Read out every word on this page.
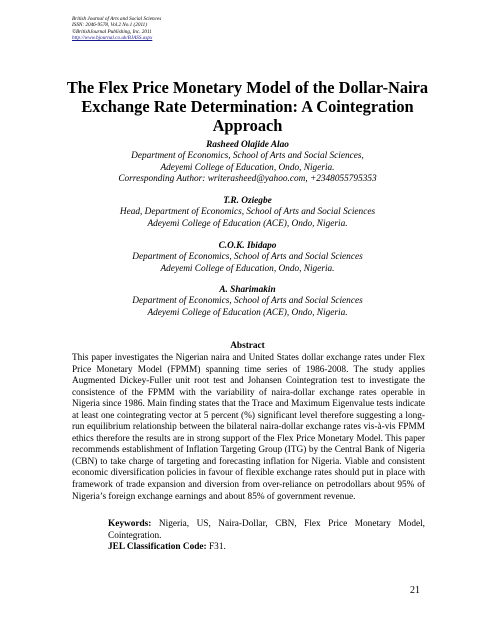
British Journal of Arts and Social Sciences
ISSN: 2046-9578, Vol.2 No.1 (2011)
©BritishJournal Publishing, Inc. 2011
http://www.bjournal.co.uk/BJASS.aspx
The Flex Price Monetary Model of the Dollar-Naira
Exchange Rate Determination: A Cointegration
Approach
Rasheed Olajide Alao
Department of Economics, School of Arts and Social Sciences,
Adeyemi College of Education, Ondo, Nigeria.
Corresponding Author: writerasheed@yahoo.com, +2348055795353
T.R. Oziegbe
Head, Department of Economics, School of Arts and Social Sciences
Adeyemi College of Education (ACE), Ondo, Nigeria.
C.O.K. Ibidapo
Department of Economics, School of Arts and Social Sciences
Adeyemi College of Education, Ondo, Nigeria.
A. Sharimakin
Department of Economics, School of Arts and Social Sciences
Adeyemi College of Education (ACE), Ondo, Nigeria.
Abstract
This paper investigates the Nigerian naira and United States dollar exchange rates under Flex Price Monetary Model (FPMM) spanning time series of 1986-2008. The study applies Augmented Dickey-Fuller unit root test and Johansen Cointegration test to investigate the consistence of the FPMM with the variability of naira-dollar exchange rates operable in Nigeria since 1986. Main finding states that the Trace and Maximum Eigenvalue tests indicate at least one cointegrating vector at 5 percent (%) significant level therefore suggesting a long-run equilibrium relationship between the bilateral naira-dollar exchange rates vis-à-vis FPMM ethics therefore the results are in strong support of the Flex Price Monetary Model. This paper recommends establishment of Inflation Targeting Group (ITG) by the Central Bank of Nigeria (CBN) to take charge of targeting and forecasting inflation for Nigeria. Viable and consistent economic diversification policies in favour of flexible exchange rates should put in place with framework of trade expansion and diversion from over-reliance on petrodollars about 95% of Nigeria’s foreign exchange earnings and about 85% of government revenue.
Keywords: Nigeria, US, Naira-Dollar, CBN, Flex Price Monetary Model, Cointegration.
JEL Classification Code: F31.
21
